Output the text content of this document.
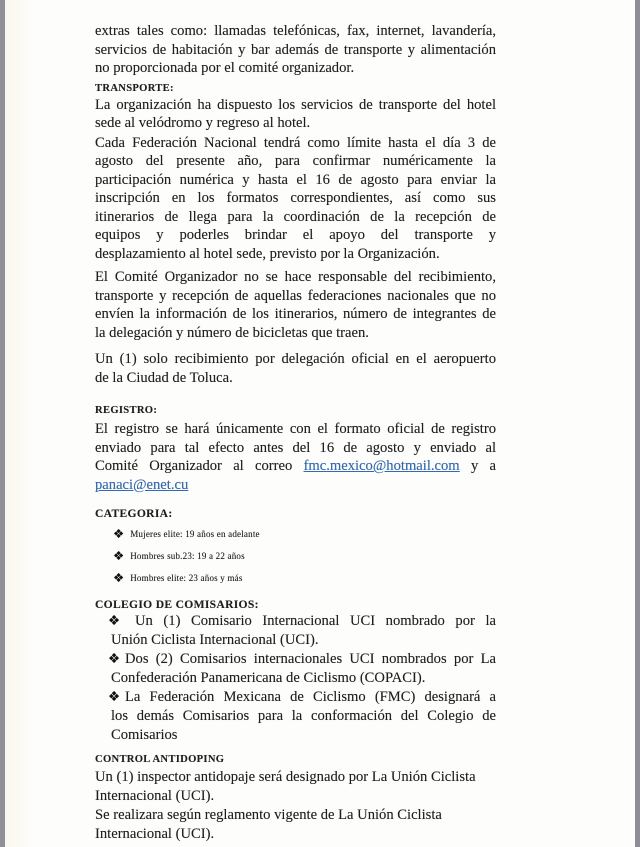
extras tales como: llamadas telefónicas, fax, internet, lavandería,
servicios de habitación y bar además de transporte y alimentación
no proporcionada por el comité organizador.
TRANSPORTE:
La organización ha dispuesto los servicios de transporte del hotel
sede al velódromo y regreso al hotel.
Cada Federación Nacional tendrá como límite hasta el día 3 de
agosto del presente año, para confirmar numéricamente la
participación numérica y hasta el 16 de agosto para enviar la
inscripción en los formatos correspondientes, así como sus
itinerarios de llega para la coordinación de la recepción de
equipos y poderles brindar el apoyo del transporte y
desplazamiento al hotel sede, previsto por la Organización.
El Comité Organizador no se hace responsable del recibimiento,
transporte y recepción de aquellas federaciones nacionales que no
envíen la información de los itinerarios, número de integrantes de
la delegación y número de bicicletas que traen.
Un (1) solo recibimiento por delegación oficial en el aeropuerto
de la Ciudad de Toluca.
REGISTRO:
El registro se hará únicamente con el formato oficial de registro
enviado para tal efecto antes del 16 de agosto y enviado al
Comité Organizador al correo fmc.mexico@hotmail.com y a
panaci@enet.cu
CATEGORIA:
❖ Mujeres elite: 19 años en adelante
❖ Hombres sub.23: 19 a 22 años
❖ Hombres elite: 23 años y más
COLEGIO DE COMISARIOS:
❖	Un (1) Comisario Internacional UCI nombrado por la
Unión Ciclista Internacional (UCI).
❖ Dos (2) Comisarios internacionales UCI nombrados por La
Confederación Panamericana de Ciclismo (COPACI).
❖ La Federación Mexicana de Ciclismo (FMC) designará a
los demás Comisarios para la conformación del Colegio de
Comisarios
CONTROL ANTIDOPING
Un (1) inspector antidopaje será designado por La Unión Ciclista
Internacional (UCI).
Se realizara según reglamento vigente de La Unión Ciclista
Internacional (UCI).
